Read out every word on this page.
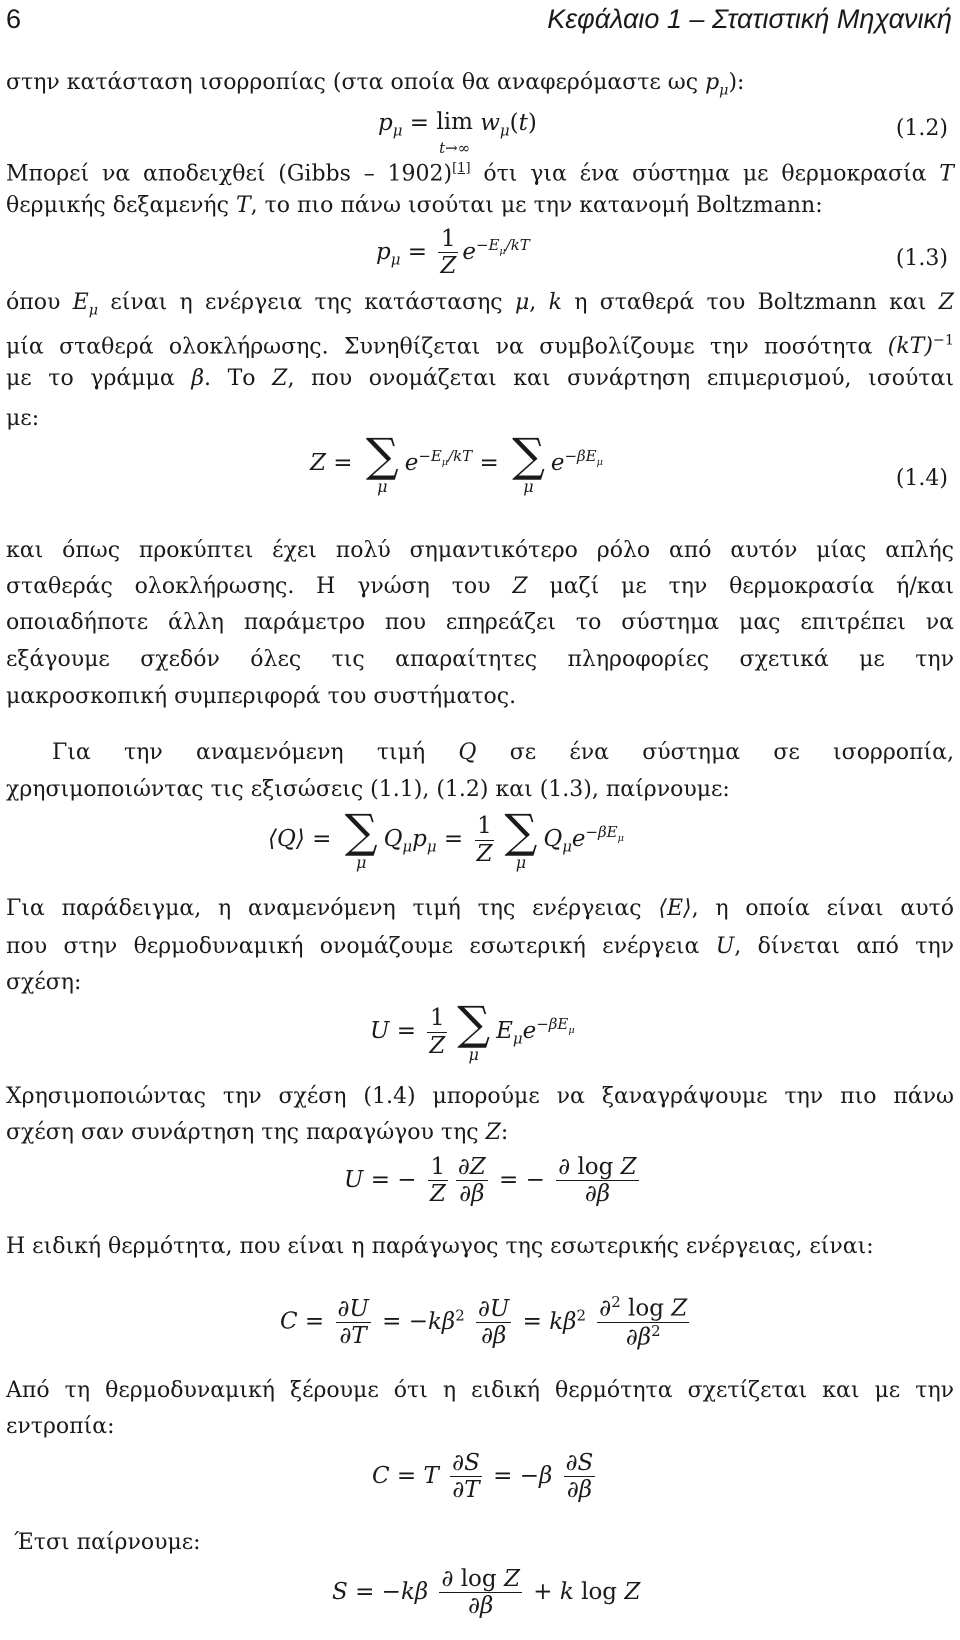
6	Κεφάλαιο 1 – Στατιστική Μηχανική
στην κατάσταση ισορροπίας (στα οποία θα αναφερόμαστε ως $p_\mu$):
$p_\mu = \lim$
t→∞ $w_\mu(t)$	(1.2)
Μπορεί να αποδειχθεί (Gibbs – 1902)[1] ότι για ένα σύστημα με θερμοκρασία T
θερμικής δεξαμενής T, το πιο πάνω ισούται με την κατανομή Boltzmann:
$p_\mu = \frac{1}{Z} e^{-E_\mu/kT}$
(1.3)
όπου $E_\mu$ είναι η ενέργεια της κατάστασης μ, k η σταθερά του Boltzmann και Z
μία σταθερά ολοκλήρωσης. Συνηθίζεται να συμβολίζουμε την ποσότητα (kT)$^{-1}$
με το γράμμα β. Το Z, που ονομάζεται και συνάρτηση επιμερισμού, ισούται
με:
Z = ∑
μ
$e^{-E_\mu/kT}$ = ∑
μ
$e^{-\beta E_\mu}$
(1.4)
και όπως προκύπτει έχει πολύ σημαντικότερο ρόλο από αυτόν μίας απλής
σταθεράς ολοκλήρωσης. Η γνώση του Z μαζί με την θερμοκρασία ή/και
οποιαδήποτε άλλη παράμετρο που επηρεάζει το σύστημα μας επιτρέπει να
εξάγουμε σχεδόν όλες τις απαραίτητες πληροφορίες σχετικά με την
μακροσκοπική συμπεριφορά του συστήματος.
Για την αναμενόμενη τιμή Q σε ένα σύστημα σε ισορροπία,
χρησιμοποιώντας τις εξισώσεις (1.1), (1.2) και (1.3), παίρνουμε:
⟨Q⟩ = ∑
μ
$Q_\mu p_\mu = \frac{1}{Z}$ ∑
μ
$Q_\mu e^{-\beta E_\mu}$
Για παράδειγμα, η αναμενόμενη τιμή της ενέργειας ⟨E⟩, η οποία είναι αυτό
που στην θερμοδυναμική ονομάζουμε εσωτερική ενέργεια U, δίνεται από την
σχέση:
$U = \frac{1}{Z}$ ∑
μ
$E_\mu e^{-\beta E_\mu}$
Χρησιμοποιώντας την σχέση (1.4) μπορούμε να ξαναγράψουμε την πιο πάνω
σχέση σαν συνάρτηση της παραγώγου της Z:
U = − $\frac{1}{Z} \frac{\partial Z}{\partial\beta}$ = − $\frac{\text{∂ log Z}}{\partial\beta}$
Η ειδική θερμότητα, που είναι η παράγωγος της εσωτερικής ενέργειας, είναι:
$C = \frac{\partial U}{\partial T} = -k\beta^2 \frac{\partial U}{\partial\beta} = k\beta^2 \frac{\partial^2 \log Z}{\partial\beta^2}$
Από τη θερμοδυναμική ξέρουμε ότι η ειδική θερμότητα σχετίζεται και με την
εντροπία:
C = T $\frac{\partial S}{\partial T} = -\beta \frac{\partial S}{\partial\beta}$
Έτσι παίρνουμε:
$S = -k\beta \frac{\text{∂ log Z}}{\partial\beta} + k$ log Z
